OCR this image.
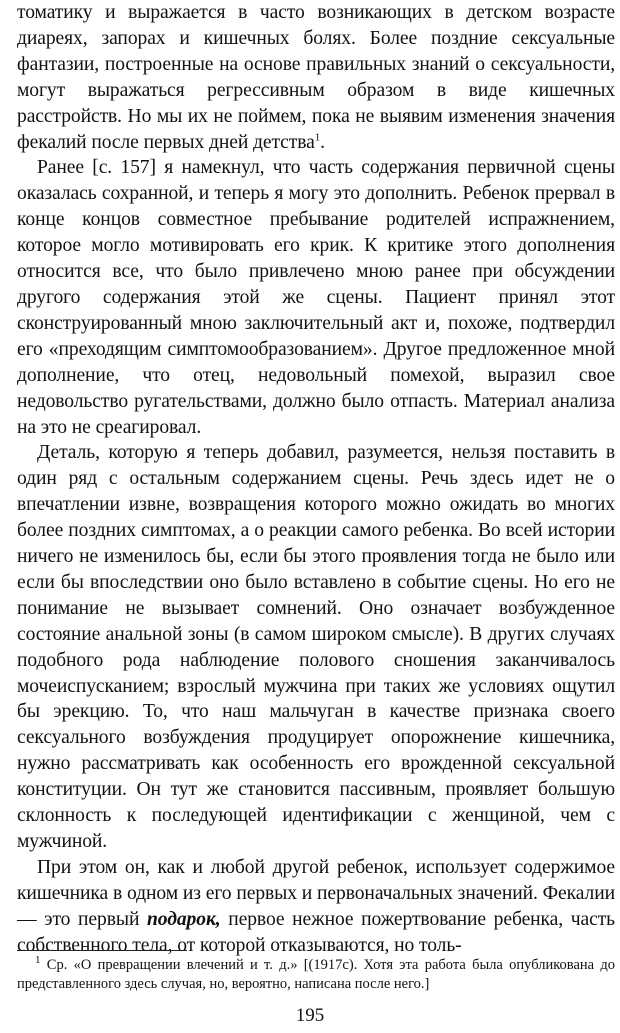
томатику и выражается в часто возникающих в детском возрасте диареях, запорах и кишечных болях. Более поздние сексуальные фантазии, построенные на основе правильных знаний о сексуальности, могут выражаться регрессивным образом в виде кишечных расстройств. Но мы их не поймем, пока не выявим изменения значения фекалий после первых дней детства$^1$.

Ранее [с. 157] я намекнул, что часть содержания первичной сцены оказалась сохранной, и теперь я могу это дополнить. Ребенок прервал в конце концов совместное пребывание родителей испражнением, которое могло мотивировать его крик. К критике этого дополнения относится все, что было привлечено мною ранее при обсуждении другого содержания этой же сцены. Пациент принял этот сконструированный мною заключительный акт и, похоже, подтвердил его «преходящим симптомообразованием». Другое предложенное мной дополнение, что отец, недовольный помехой, выразил свое недовольство ругательствами, должно было отпасть. Материал анализа на это не среагировал.

Деталь, которую я теперь добавил, разумеется, нельзя поставить в один ряд с остальным содержанием сцены. Речь здесь идет не о впечатлении извне, возвращения которого можно ожидать во многих более поздних симптомах, а о реакции самого ребенка. Во всей истории ничего не изменилось бы, если бы этого проявления тогда не было или если бы впоследствии оно было вставлено в событие сцены. Но его не понимание не вызывает сомнений. Оно означает возбужденное состояние анальной зоны (в самом широком смысле). В других случаях подобного рода наблюдение полового сношения заканчивалось мочеиспусканием; взрослый мужчина при таких же условиях ощутил бы эрекцию. То, что наш мальчуган в качестве признака своего сексуального возбуждения продуцирует опорожнение кишечника, нужно рассматривать как особенность его врожденной сексуальной конституции. Он тут же становится пассивным, проявляет большую склонность к последующей идентификации с женщиной, чем с мужчиной.

При этом он, как и любой другой ребенок, использует содержимое кишечника в одном из его первых и первоначальных значений. Фекалии — это первый подарок, первое нежное пожертвование ребенка, часть собственного тела, от которой отказываются, но толь-

$^1$ Ср. «О превращении влечений и т. д.» [(1917с). Хотя эта работа была опубликована до представленного здесь случая, но, вероятно, написана после него.]

195
